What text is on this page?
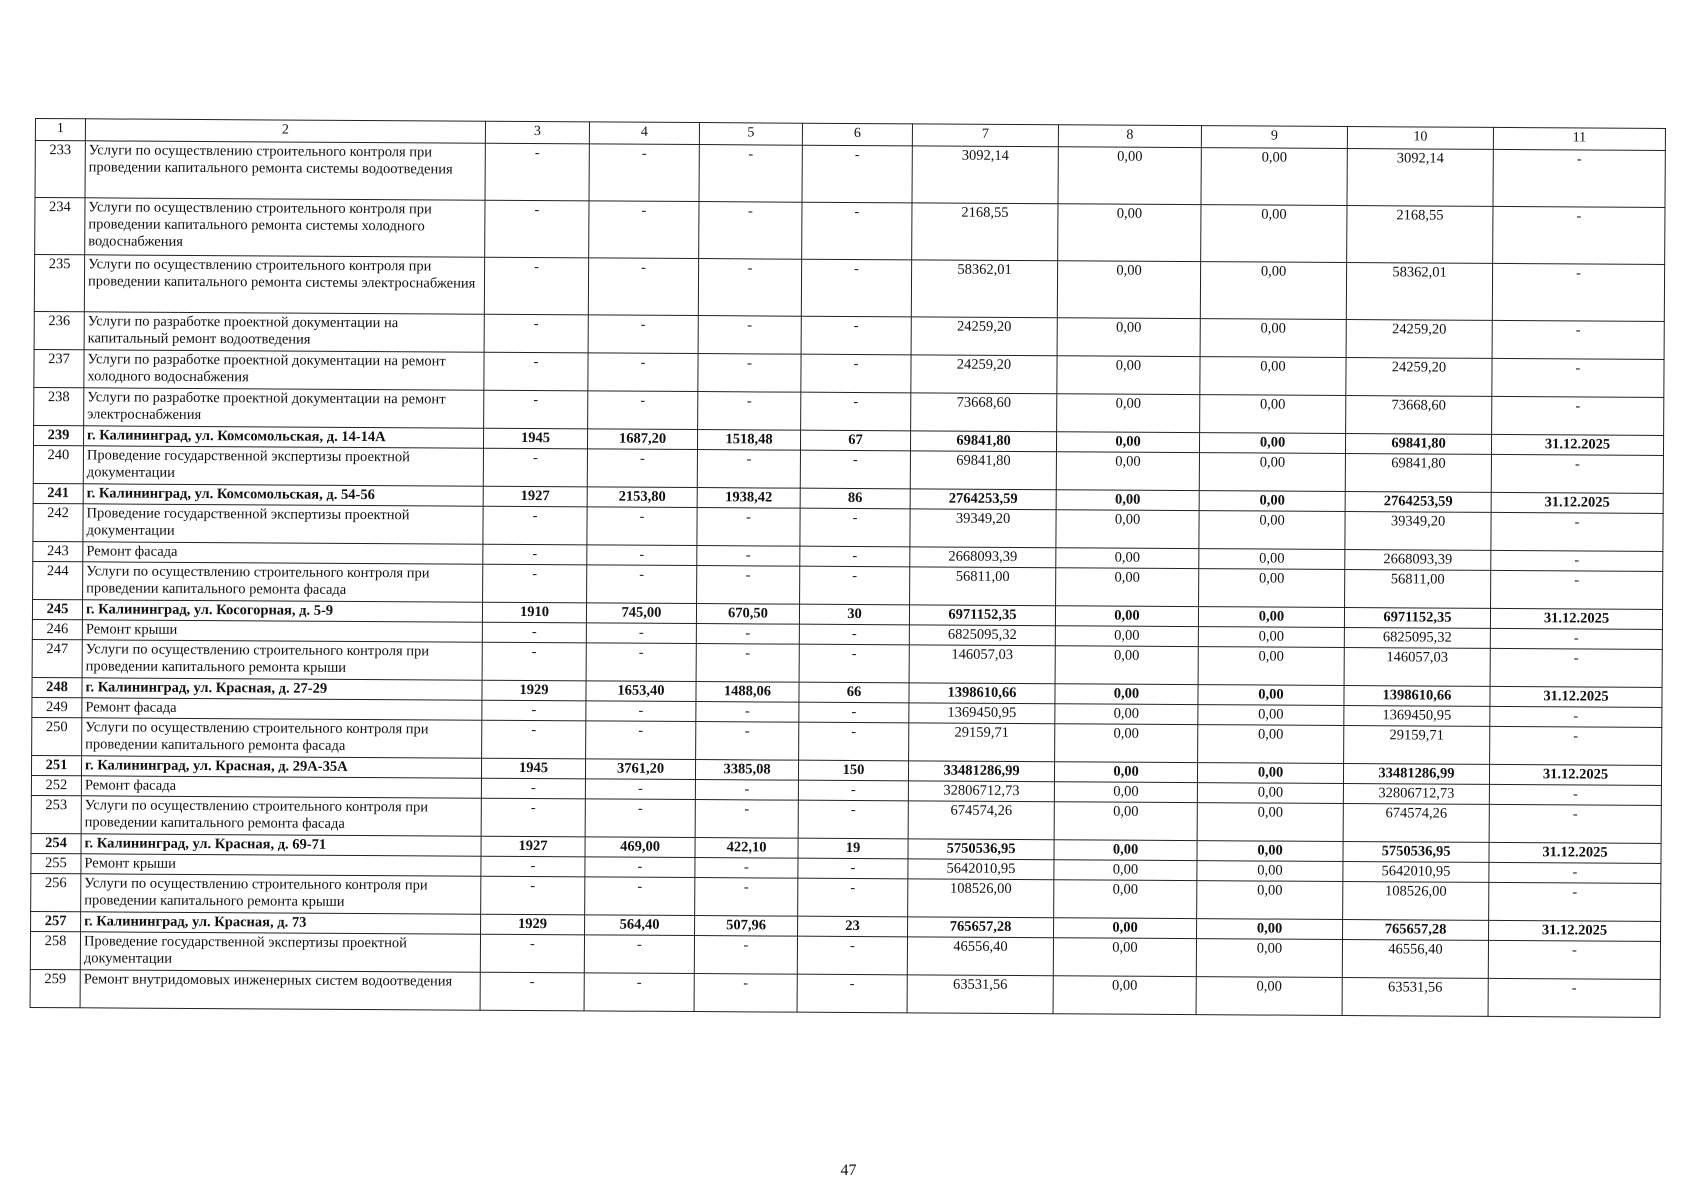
1	2	3	4	5	6	7	8	9	10	11
233	Услуги по осуществлению строительного контроля при проведении капитального ремонта системы водоотведения	-	-	-	-	3092,14	0,00	0,00	3092,14	-
234	Услуги по осуществлению строительного контроля при проведении капитального ремонта системы холодного водоснабжения	-	-	-	-	2168,55	0,00	0,00	2168,55	-
235	Услуги по осуществлению строительного контроля при проведении капитального ремонта системы электроснабжения	-	-	-	-	58362,01	0,00	0,00	58362,01	-
236	Услуги по разработке проектной документации на капитальный ремонт водоотведения	-	-	-	-	24259,20	0,00	0,00	24259,20	-
237	Услуги по разработке проектной документации на ремонт холодного водоснабжения	-	-	-	-	24259,20	0,00	0,00	24259,20	-
238	Услуги по разработке проектной документации на ремонт электроснабжения	-	-	-	-	73668,60	0,00	0,00	73668,60	-
239	г. Калининград, ул. Комсомольская, д. 14-14А	1945	1687,20	1518,48	67	69841,80	0,00	0,00	69841,80	31.12.2025
240	Проведение государственной экспертизы проектной документации	-	-	-	-	69841,80	0,00	0,00	69841,80	-
241	г. Калининград, ул. Комсомольская, д. 54-56	1927	2153,80	1938,42	86	2764253,59	0,00	0,00	2764253,59	31.12.2025
242	Проведение государственной экспертизы проектной документации	-	-	-	-	39349,20	0,00	0,00	39349,20	-
243	Ремонт фасада	-	-	-	-	2668093,39	0,00	0,00	2668093,39	-
244	Услуги по осуществлению строительного контроля при проведении капитального ремонта фасада	-	-	-	-	56811,00	0,00	0,00	56811,00	-
245	г. Калининград, ул. Косогорная, д. 5-9	1910	745,00	670,50	30	6971152,35	0,00	0,00	6971152,35	31.12.2025
246	Ремонт крыши	-	-	-	-	6825095,32	0,00	0,00	6825095,32	-
247	Услуги по осуществлению строительного контроля при проведении капитального ремонта крыши	-	-	-	-	146057,03	0,00	0,00	146057,03	-
248	г. Калининград, ул. Красная, д. 27-29	1929	1653,40	1488,06	66	1398610,66	0,00	0,00	1398610,66	31.12.2025
249	Ремонт фасада	-	-	-	-	1369450,95	0,00	0,00	1369450,95	-
250	Услуги по осуществлению строительного контроля при проведении капитального ремонта фасада	-	-	-	-	29159,71	0,00	0,00	29159,71	-
251	г. Калининград, ул. Красная, д. 29А-35А	1945	3761,20	3385,08	150	33481286,99	0,00	0,00	33481286,99	31.12.2025
252	Ремонт фасада	-	-	-	-	32806712,73	0,00	0,00	32806712,73	-
253	Услуги по осуществлению строительного контроля при проведении капитального ремонта фасада	-	-	-	-	674574,26	0,00	0,00	674574,26	-
254	г. Калининград, ул. Красная, д. 69-71	1927	469,00	422,10	19	5750536,95	0,00	0,00	5750536,95	31.12.2025
255	Ремонт крыши	-	-	-	-	5642010,95	0,00	0,00	5642010,95	-
256	Услуги по осуществлению строительного контроля при проведении капитального ремонта крыши	-	-	-	-	108526,00	0,00	0,00	108526,00	-
257	г. Калининград, ул. Красная, д. 73	1929	564,40	507,96	23	765657,28	0,00	0,00	765657,28	31.12.2025
258	Проведение государственной экспертизы проектной документации	-	-	-	-	46556,40	0,00	0,00	46556,40	-
259	Ремонт внутридомовых инженерных систем водоотведения	-	-	-	-	63531,56	0,00	0,00	63531,56	-
47
